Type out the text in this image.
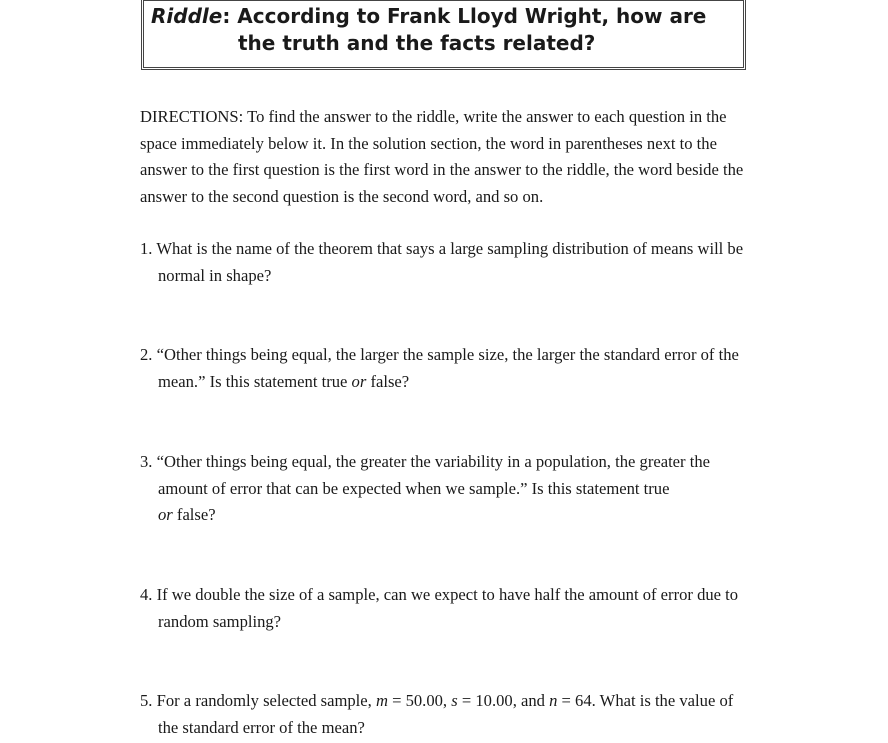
Riddle: According to Frank Lloyd Wright, how are
the truth and the facts related?
DIRECTIONS: To find the answer to the riddle, write the answer to each question in the space immediately below it. In the solution section, the word in parentheses next to the answer to the first question is the first word in the answer to the riddle, the word beside the answer to the second question is the second word, and so on.
1. What is the name of the theorem that says a large sampling distribution of means will be normal in shape?
2. “Other things being equal, the larger the sample size, the larger the standard error of the mean.” Is this statement true or false?
3. “Other things being equal, the greater the variability in a population, the greater the amount of error that can be expected when we sample.” Is this statement true
or false?
4. If we double the size of a sample, can we expect to have half the amount of error due to random sampling?
5. For a randomly selected sample, m = 50.00, s = 10.00, and n = 64. What is the value of the standard error of the mean?
